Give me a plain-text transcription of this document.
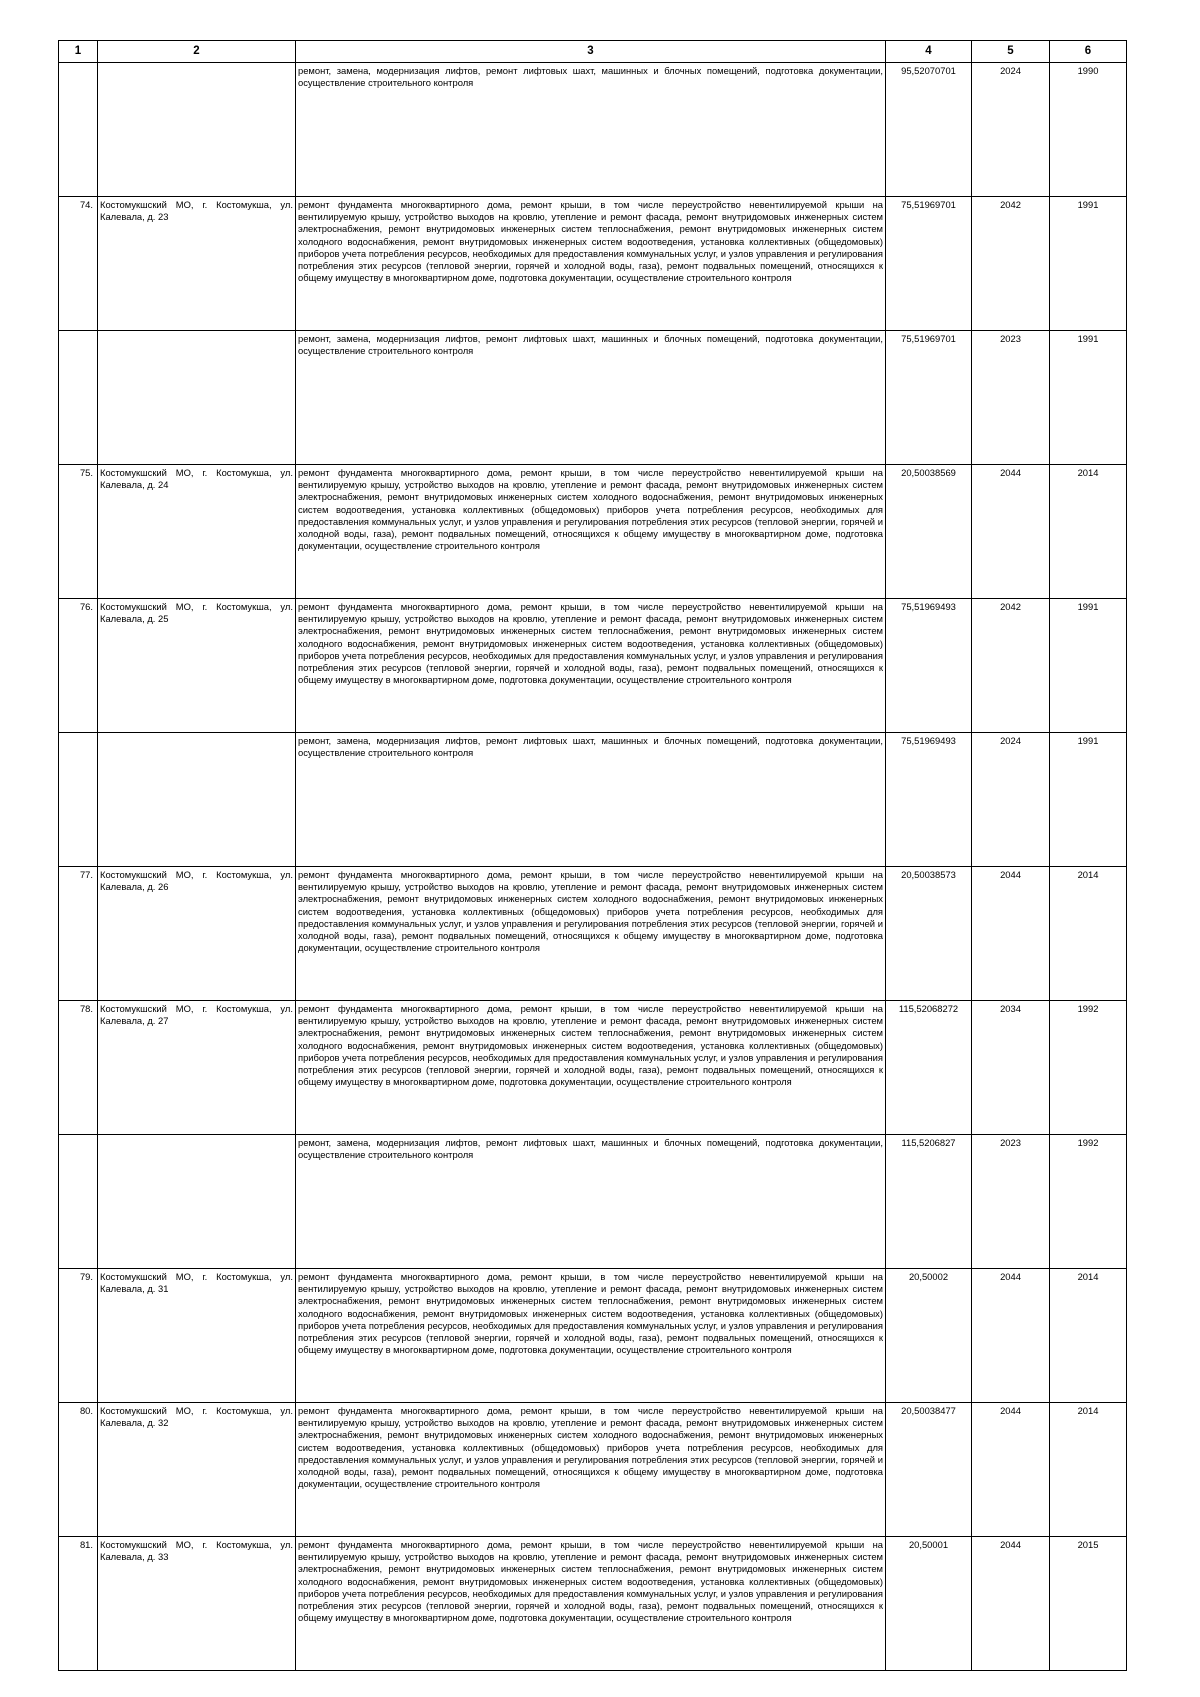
1	2	3	4	5	6
		ремонт, замена, модернизация лифтов, ремонт лифтовых шахт, машинных и блочных помещений, подготовка документации, осуществление строительного контроля	95,52070701	2024	1990
74.	Костомукшский МО, г. Костомукша, ул. Калевала, д. 23	ремонт фундамента многоквартирного дома, ремонт крыши, в том числе переустройство невентилируемой крыши на вентилируемую крышу, устройство выходов на кровлю, утепление и ремонт фасада, ремонт внутридомовых инженерных систем электроснабжения, ремонт внутридомовых инженерных систем теплоснабжения, ремонт внутридомовых инженерных систем холодного водоснабжения, ремонт внутридомовых инженерных систем водоотведения, установка коллективных (общедомовых) приборов учета потребления ресурсов, необходимых для предоставления коммунальных услуг, и узлов управления и регулирования потребления этих ресурсов (тепловой энергии, горячей и холодной воды, газа), ремонт подвальных помещений, относящихся к общему имуществу в многоквартирном доме, подготовка документации, осуществление строительного контроля	75,51969701	2042	1991
		ремонт, замена, модернизация лифтов, ремонт лифтовых шахт, машинных и блочных помещений, подготовка документации, осуществление строительного контроля	75,51969701	2023	1991
75.	Костомукшский МО, г. Костомукша, ул. Калевала, д. 24	ремонт фундамента многоквартирного дома, ремонт крыши, в том числе переустройство невентилируемой крыши на вентилируемую крышу, устройство выходов на кровлю, утепление и ремонт фасада, ремонт внутридомовых инженерных систем электроснабжения, ремонт внутридомовых инженерных систем холодного водоснабжения, ремонт внутридомовых инженерных систем водоотведения, установка коллективных (общедомовых) приборов учета потребления ресурсов, необходимых для предоставления коммунальных услуг, и узлов управления и регулирования потребления этих ресурсов (тепловой энергии, горячей и холодной воды, газа), ремонт подвальных помещений, относящихся к общему имуществу в многоквартирном доме, подготовка документации, осуществление строительного контроля	20,50038569	2044	2014
76.	Костомукшский МО, г. Костомукша, ул. Калевала, д. 25	ремонт фундамента многоквартирного дома, ремонт крыши, в том числе переустройство невентилируемой крыши на вентилируемую крышу, устройство выходов на кровлю, утепление и ремонт фасада, ремонт внутридомовых инженерных систем электроснабжения, ремонт внутридомовых инженерных систем теплоснабжения, ремонт внутридомовых инженерных систем холодного водоснабжения, ремонт внутридомовых инженерных систем водоотведения, установка коллективных (общедомовых) приборов учета потребления ресурсов, необходимых для предоставления коммунальных услуг, и узлов управления и регулирования потребления этих ресурсов (тепловой энергии, горячей и холодной воды, газа), ремонт подвальных помещений, относящихся к общему имуществу в многоквартирном доме, подготовка документации, осуществление строительного контроля	75,51969493	2042	1991
		ремонт, замена, модернизация лифтов, ремонт лифтовых шахт, машинных и блочных помещений, подготовка документации, осуществление строительного контроля	75,51969493	2024	1991
77.	Костомукшский МО, г. Костомукша, ул. Калевала, д. 26	ремонт фундамента многоквартирного дома, ремонт крыши, в том числе переустройство невентилируемой крыши на вентилируемую крышу, устройство выходов на кровлю, утепление и ремонт фасада, ремонт внутридомовых инженерных систем электроснабжения, ремонт внутридомовых инженерных систем холодного водоснабжения, ремонт внутридомовых инженерных систем водоотведения, установка коллективных (общедомовых) приборов учета потребления ресурсов, необходимых для предоставления коммунальных услуг, и узлов управления и регулирования потребления этих ресурсов (тепловой энергии, горячей и холодной воды, газа), ремонт подвальных помещений, относящихся к общему имуществу в многоквартирном доме, подготовка документации, осуществление строительного контроля	20,50038573	2044	2014
78.	Костомукшский МО, г. Костомукша, ул. Калевала, д. 27	ремонт фундамента многоквартирного дома, ремонт крыши, в том числе переустройство невентилируемой крыши на вентилируемую крышу, устройство выходов на кровлю, утепление и ремонт фасада, ремонт внутридомовых инженерных систем электроснабжения, ремонт внутридомовых инженерных систем теплоснабжения, ремонт внутридомовых инженерных систем холодного водоснабжения, ремонт внутридомовых инженерных систем водоотведения, установка коллективных (общедомовых) приборов учета потребления ресурсов, необходимых для предоставления коммунальных услуг, и узлов управления и регулирования потребления этих ресурсов (тепловой энергии, горячей и холодной воды, газа), ремонт подвальных помещений, относящихся к общему имуществу в многоквартирном доме, подготовка документации, осуществление строительного контроля	115,52068272	2034	1992
		ремонт, замена, модернизация лифтов, ремонт лифтовых шахт, машинных и блочных помещений, подготовка документации, осуществление строительного контроля	115,5206827	2023	1992
79.	Костомукшский МО, г. Костомукша, ул. Калевала, д. 31	ремонт фундамента многоквартирного дома, ремонт крыши, в том числе переустройство невентилируемой крыши на вентилируемую крышу, устройство выходов на кровлю, утепление и ремонт фасада, ремонт внутридомовых инженерных систем электроснабжения, ремонт внутридомовых инженерных систем теплоснабжения, ремонт внутридомовых инженерных систем холодного водоснабжения, ремонт внутридомовых инженерных систем водоотведения, установка коллективных (общедомовых) приборов учета потребления ресурсов, необходимых для предоставления коммунальных услуг, и узлов управления и регулирования потребления этих ресурсов (тепловой энергии, горячей и холодной воды, газа), ремонт подвальных помещений, относящихся к общему имуществу в многоквартирном доме, подготовка документации, осуществление строительного контроля	20,50002	2044	2014
80.	Костомукшский МО, г. Костомукша, ул. Калевала, д. 32	ремонт фундамента многоквартирного дома, ремонт крыши, в том числе переустройство невентилируемой крыши на вентилируемую крышу, устройство выходов на кровлю, утепление и ремонт фасада, ремонт внутридомовых инженерных систем электроснабжения, ремонт внутридомовых инженерных систем холодного водоснабжения, ремонт внутридомовых инженерных систем водоотведения, установка коллективных (общедомовых) приборов учета потребления ресурсов, необходимых для предоставления коммунальных услуг, и узлов управления и регулирования потребления этих ресурсов (тепловой энергии, горячей и холодной воды, газа), ремонт подвальных помещений, относящихся к общему имуществу в многоквартирном доме, подготовка документации, осуществление строительного контроля	20,50038477	2044	2014
81.	Костомукшский МО, г. Костомукша, ул. Калевала, д. 33	ремонт фундамента многоквартирного дома, ремонт крыши, в том числе переустройство невентилируемой крыши на вентилируемую крышу, устройство выходов на кровлю, утепление и ремонт фасада, ремонт внутридомовых инженерных систем электроснабжения, ремонт внутридомовых инженерных систем теплоснабжения, ремонт внутридомовых инженерных систем холодного водоснабжения, ремонт внутридомовых инженерных систем водоотведения, установка коллективных (общедомовых) приборов учета потребления ресурсов, необходимых для предоставления коммунальных услуг, и узлов управления и регулирования потребления этих ресурсов (тепловой энергии, горячей и холодной воды, газа), ремонт подвальных помещений, относящихся к общему имуществу в многоквартирном доме, подготовка документации, осуществление строительного контроля	20,50001	2044	2015
